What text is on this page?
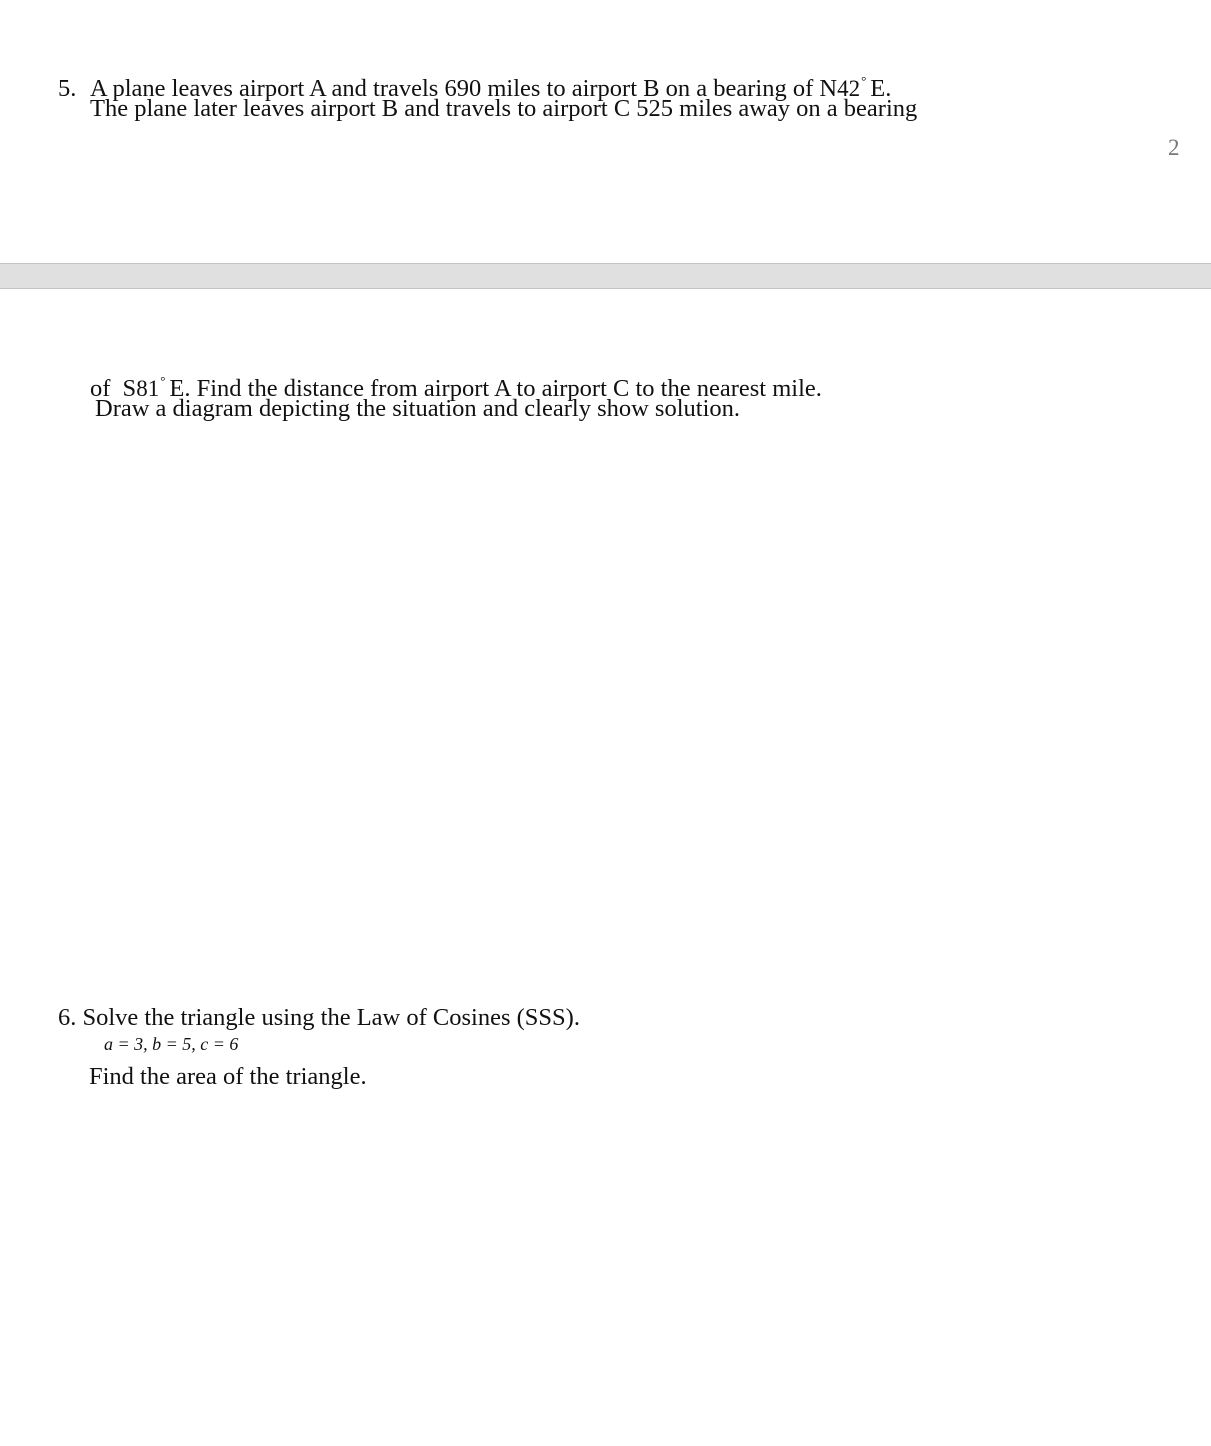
5. A plane leaves airport A and travels 690 miles to airport B on a bearing of N42° E.
The plane later leaves airport B and travels to airport C 525 miles away on a bearing
2
of S81° E. Find the distance from airport A to airport C to the nearest mile.
Draw a diagram depicting the situation and clearly show solution.
6. Solve the triangle using the Law of Cosines (SSS).
a = 3, b = 5, c = 6
Find the area of the triangle.
